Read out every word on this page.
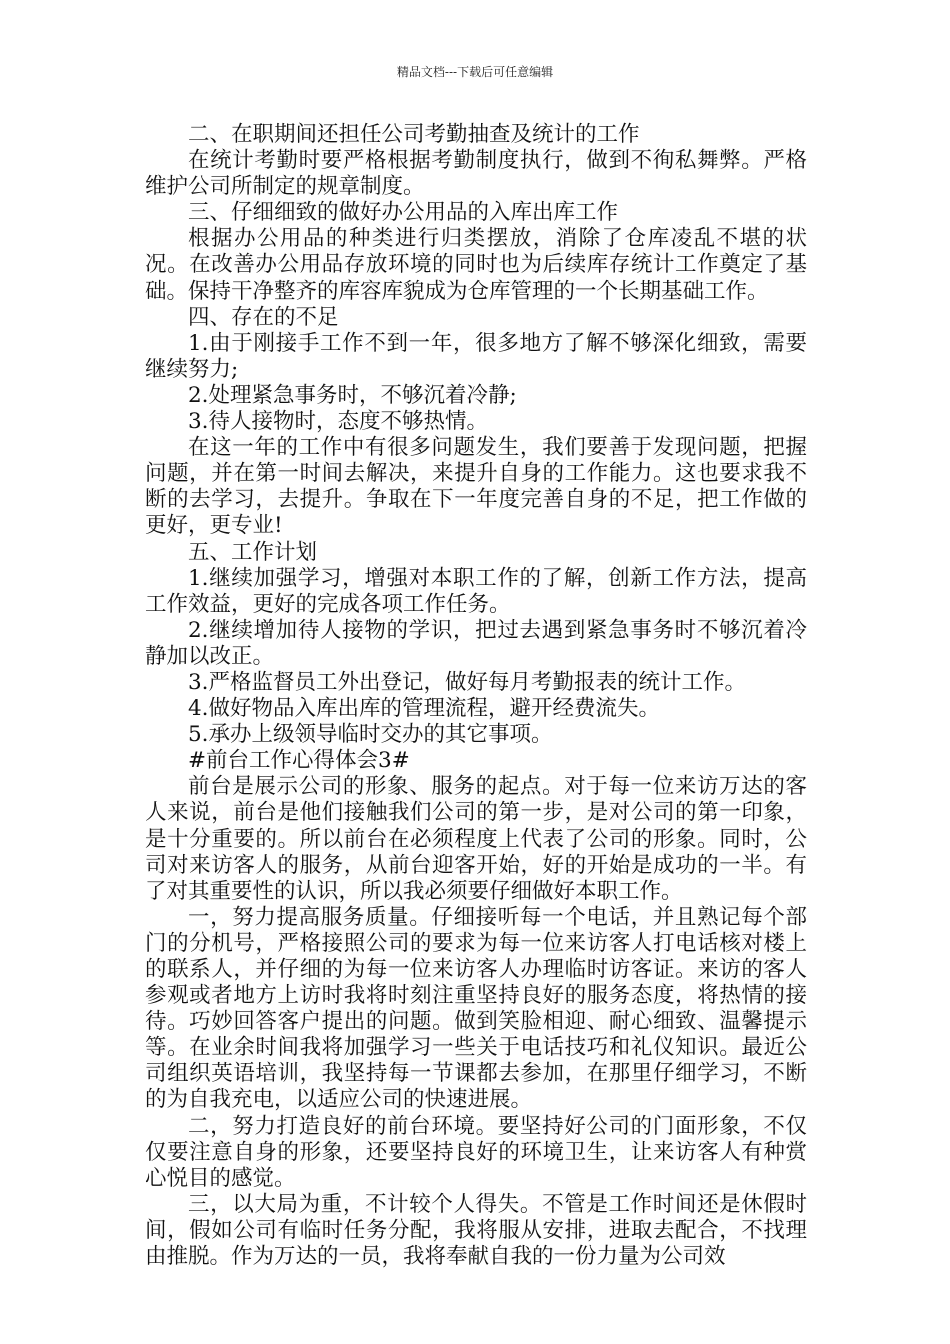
精品文档---下载后可任意编辑

二、在职期间还担任公司考勤抽查及统计的工作

在统计考勤时要严格根据考勤制度执行，做到不徇私舞弊。严格维护公司所制定的规章制度。

三、仔细细致的做好办公用品的入库出库工作

根据办公用品的种类进行归类摆放，消除了仓库凌乱不堪的状况。在改善办公用品存放环境的同时也为后续库存统计工作奠定了基础。保持干净整齐的库容库貌成为仓库管理的一个长期基础工作。

四、存在的不足

1.由于刚接手工作不到一年，很多地方了解不够深化细致，需要继续努力;

2.处理紧急事务时，不够沉着冷静;

3.待人接物时，态度不够热情。

在这一年的工作中有很多问题发生，我们要善于发现问题，把握问题，并在第一时间去解决，来提升自身的工作能力。这也要求我不断的去学习，去提升。争取在下一年度完善自身的不足，把工作做的更好，更专业!

五、工作计划

1.继续加强学习，增强对本职工作的了解，创新工作方法，提高工作效益，更好的完成各项工作任务。

2.继续增加待人接物的学识，把过去遇到紧急事务时不够沉着冷静加以改正。

3.严格监督员工外出登记，做好每月考勤报表的统计工作。

4.做好物品入库出库的管理流程，避开经费流失。

5.承办上级领导临时交办的其它事项。

#前台工作心得体会3#

前台是展示公司的形象、服务的起点。对于每一位来访万达的客人来说，前台是他们接触我们公司的第一步，是对公司的第一印象，是十分重要的。所以前台在必须程度上代表了公司的形象。同时，公司对来访客人的服务，从前台迎客开始，好的开始是成功的一半。有了对其重要性的认识，所以我必须要仔细做好本职工作。

一，努力提高服务质量。仔细接听每一个电话，并且熟记每个部门的分机号，严格接照公司的要求为每一位来访客人打电话核对楼上的联系人，并仔细的为每一位来访客人办理临时访客证。来访的客人参观或者地方上访时我将时刻注重坚持良好的服务态度，将热情的接待。巧妙回答客户提出的问题。做到笑脸相迎、耐心细致、温馨提示等。在业余时间我将加强学习一些关于电话技巧和礼仪知识。最近公司组织英语培训，我坚持每一节课都去参加，在那里仔细学习，不断的为自我充电，以适应公司的快速进展。

二，努力打造良好的前台环境。要坚持好公司的门面形象，不仅仅要注意自身的形象，还要坚持良好的环境卫生，让来访客人有种赏心悦目的感觉。

三，以大局为重，不计较个人得失。不管是工作时间还是休假时间，假如公司有临时任务分配，我将服从安排，进取去配合，不找理由推脱。作为万达的一员，我将奉献自我的一份力量为公司效
